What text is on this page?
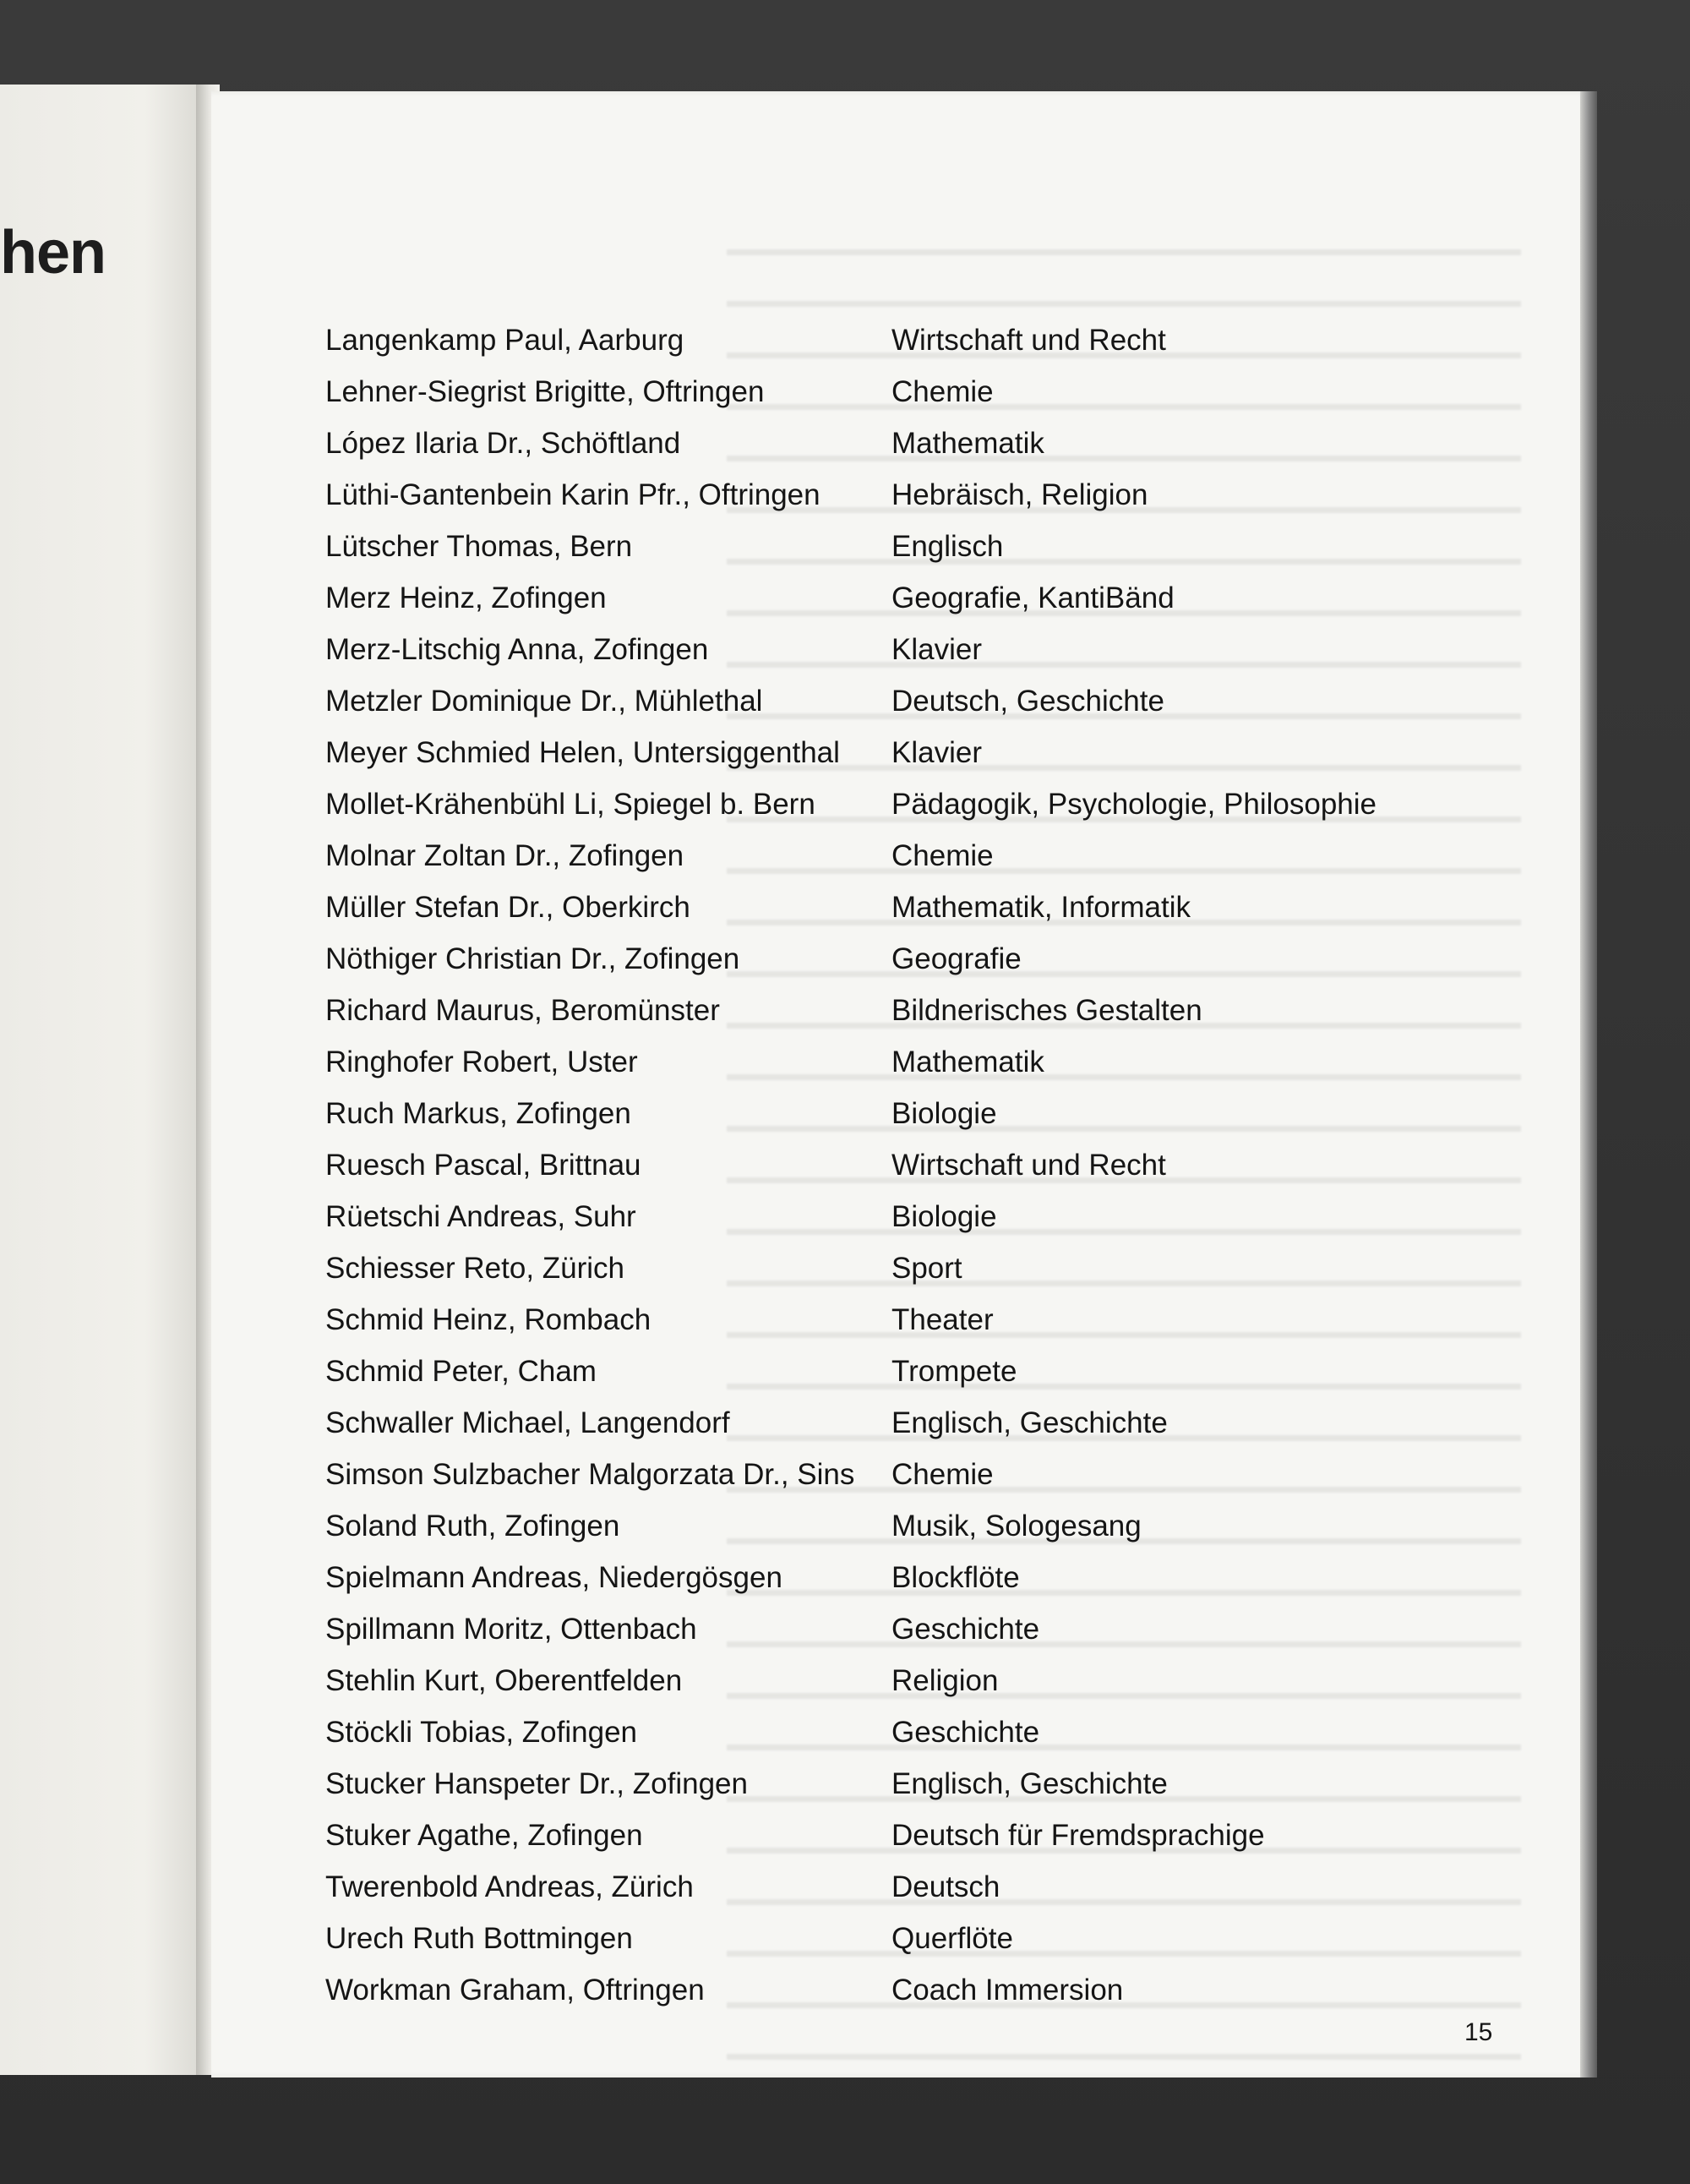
hen
Langenkamp Paul, Aarburg	Wirtschaft und Recht
Lehner-Siegrist Brigitte, Oftringen	Chemie
López Ilaria Dr., Schöftland	Mathematik
Lüthi-Gantenbein Karin Pfr., Oftringen Hebräisch, Religion
Lütscher Thomas, Bern	Englisch
Merz Heinz, Zofingen	Geografie, KantiBänd
Merz-Litschig Anna, Zofingen	Klavier
Metzler Dominique Dr., Mühlethal	Deutsch, Geschichte
Meyer Schmied Helen, Untersiggenthal Klavier
Mollet-Krähenbühl Li, Spiegel b. Bern	Pädagogik, Psychologie, Philosophie
Molnar Zoltan Dr., Zofingen	Chemie
Müller Stefan Dr., Oberkirch	Mathematik, Informatik
Nöthiger Christian Dr., Zofingen	Geografie
Richard Maurus, Beromünster	Bildnerisches Gestalten
Ringhofer Robert, Uster	Mathematik
Ruch Markus, Zofingen	Biologie
Ruesch Pascal, Brittnau	Wirtschaft und Recht
Rüetschi Andreas, Suhr	Biologie
Schiesser Reto, Zürich	Sport
Schmid Heinz, Rombach	Theater
Schmid Peter, Cham	Trompete
Schwaller Michael, Langendorf	Englisch, Geschichte
Simson Sulzbacher Malgorzata Dr., Sins Chemie
Soland Ruth, Zofingen	Musik, Sologesang
Spielmann Andreas, Niedergösgen	Blockflöte
Spillmann Moritz, Ottenbach	Geschichte
Stehlin Kurt, Oberentfelden	Religion
Stöckli Tobias, Zofingen	Geschichte
Stucker Hanspeter Dr., Zofingen	Englisch, Geschichte
Stuker Agathe, Zofingen	Deutsch für Fremdsprachige
Twerenbold Andreas, Zürich	Deutsch
Urech Ruth Bottmingen	Querflöte
Workman Graham, Oftringen	Coach Immersion
15
